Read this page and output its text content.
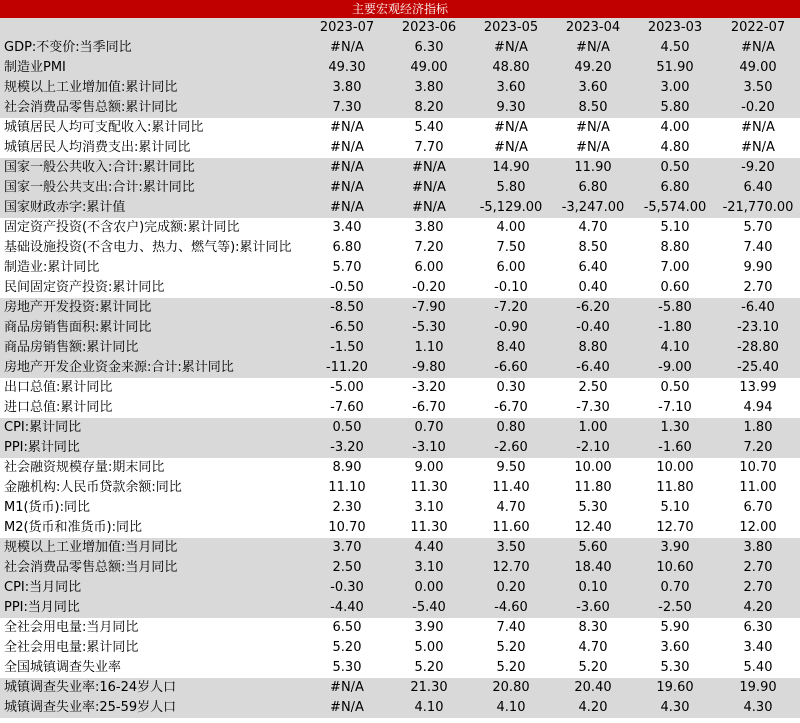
主要宏观经济指标
	2023-07	2023-06	2023-05	2023-04	2023-03	2022-07
GDP:不变价:当季同比	#N/A	6.30	#N/A	#N/A	4.50	#N/A
制造业PMI	49.30	49.00	48.80	49.20	51.90	49.00
规模以上工业增加值:累计同比	3.80	3.80	3.60	3.60	3.00	3.50
社会消费品零售总额:累计同比	7.30	8.20	9.30	8.50	5.80	-0.20
城镇居民人均可支配收入:累计同比	#N/A	5.40	#N/A	#N/A	4.00	#N/A
城镇居民人均消费支出:累计同比	#N/A	7.70	#N/A	#N/A	4.80	#N/A
国家一般公共收入:合计:累计同比	#N/A	#N/A	14.90	11.90	0.50	-9.20
国家一般公共支出:合计:累计同比	#N/A	#N/A	5.80	6.80	6.80	6.40
国家财政赤字:累计值	#N/A	#N/A	-5,129.00	-3,247.00	-5,574.00	-21,770.00
固定资产投资(不含农户)完成额:累计同比	3.40	3.80	4.00	4.70	5.10	5.70
基础设施投资(不含电力、热力、燃气等):累计同比	6.80	7.20	7.50	8.50	8.80	7.40
制造业:累计同比	5.70	6.00	6.00	6.40	7.00	9.90
民间固定资产投资:累计同比	-0.50	-0.20	-0.10	0.40	0.60	2.70
房地产开发投资:累计同比	-8.50	-7.90	-7.20	-6.20	-5.80	-6.40
商品房销售面积:累计同比	-6.50	-5.30	-0.90	-0.40	-1.80	-23.10
商品房销售额:累计同比	-1.50	1.10	8.40	8.80	4.10	-28.80
房地产开发企业资金来源:合计:累计同比	-11.20	-9.80	-6.60	-6.40	-9.00	-25.40
出口总值:累计同比	-5.00	-3.20	0.30	2.50	0.50	13.99
进口总值:累计同比	-7.60	-6.70	-6.70	-7.30	-7.10	4.94
CPI:累计同比	0.50	0.70	0.80	1.00	1.30	1.80
PPI:累计同比	-3.20	-3.10	-2.60	-2.10	-1.60	7.20
社会融资规模存量:期末同比	8.90	9.00	9.50	10.00	10.00	10.70
金融机构:人民币贷款余额:同比	11.10	11.30	11.40	11.80	11.80	11.00
M1(货币):同比	2.30	3.10	4.70	5.30	5.10	6.70
M2(货币和准货币):同比	10.70	11.30	11.60	12.40	12.70	12.00
规模以上工业增加值:当月同比	3.70	4.40	3.50	5.60	3.90	3.80
社会消费品零售总额:当月同比	2.50	3.10	12.70	18.40	10.60	2.70
CPI:当月同比	-0.30	0.00	0.20	0.10	0.70	2.70
PPI:当月同比	-4.40	-5.40	-4.60	-3.60	-2.50	4.20
全社会用电量:当月同比	6.50	3.90	7.40	8.30	5.90	6.30
全社会用电量:累计同比	5.20	5.00	5.20	4.70	3.60	3.40
全国城镇调查失业率	5.30	5.20	5.20	5.20	5.30	5.40
城镇调查失业率:16-24岁人口	#N/A	21.30	20.80	20.40	19.60	19.90
城镇调查失业率:25-59岁人口	#N/A	4.10	4.10	4.20	4.30	4.30
